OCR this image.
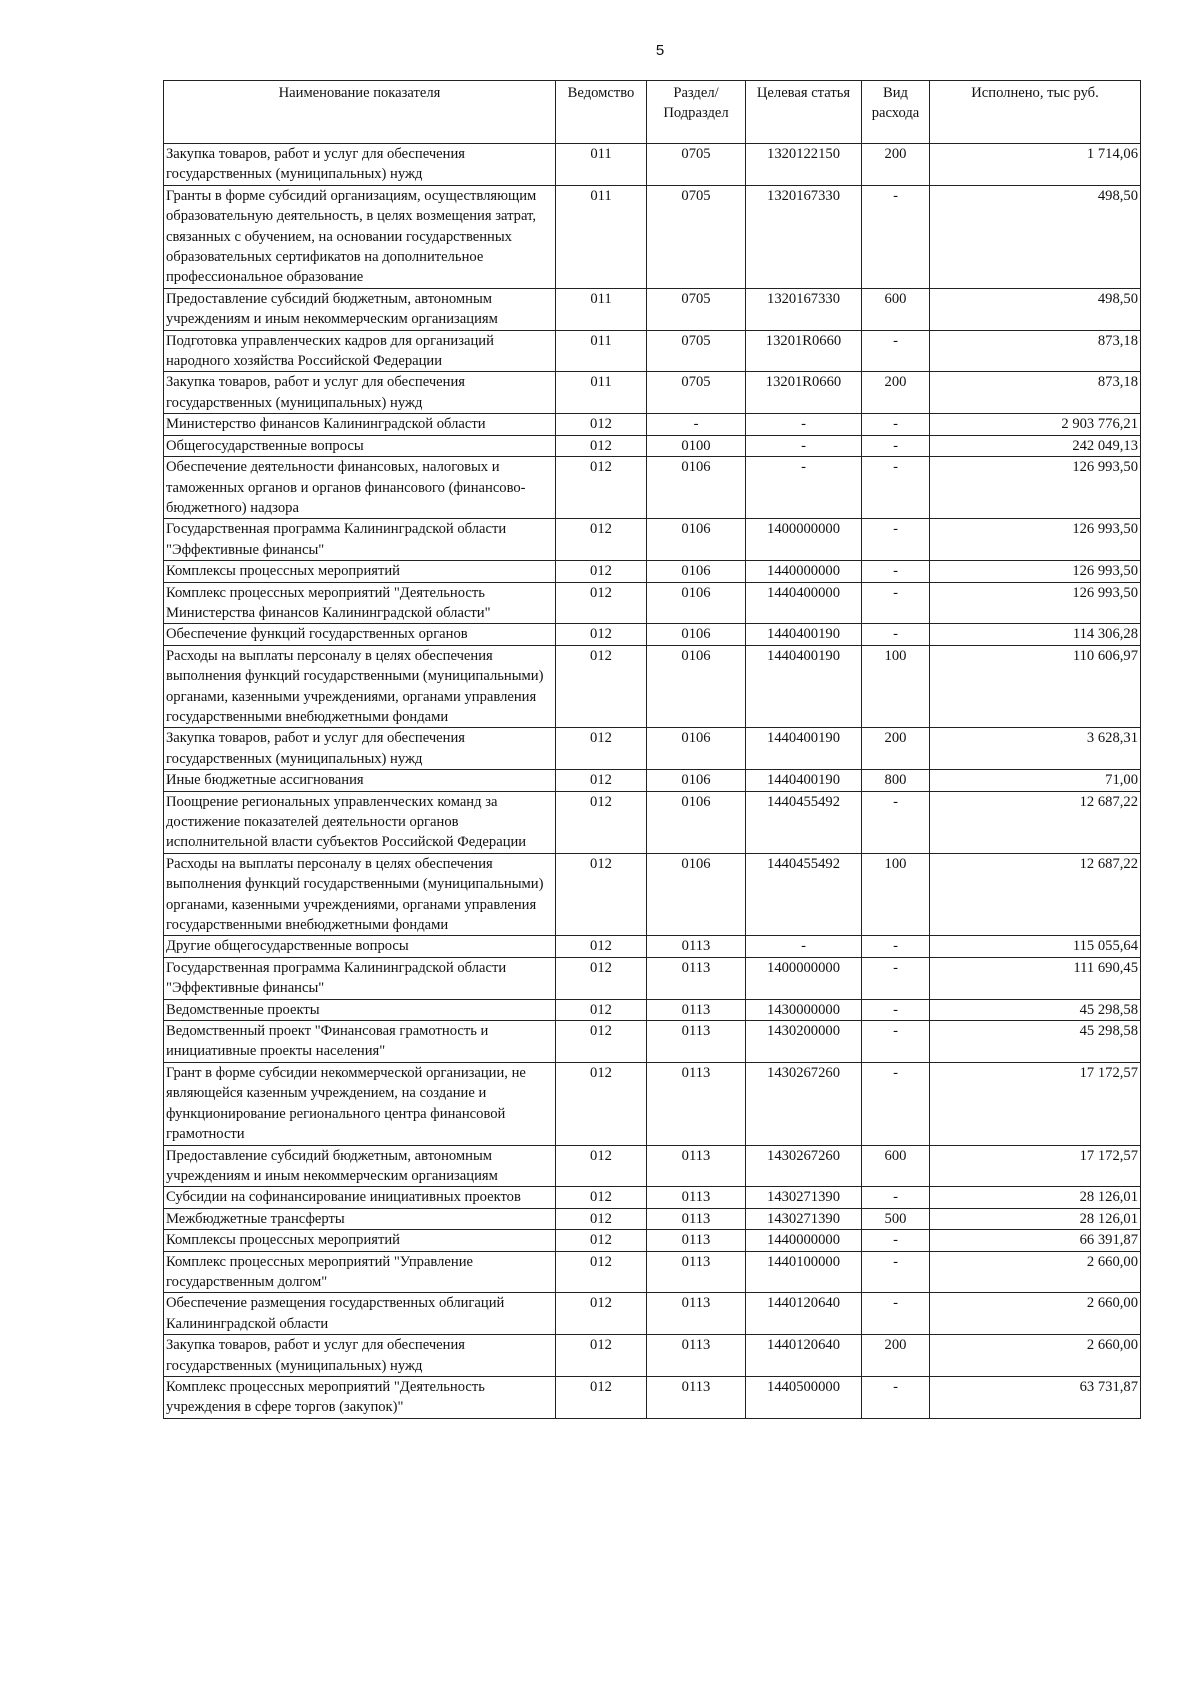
5
Наименование показателя	Ведомство	Раздел/ Подраздел	Целевая статья	Вид расхода	Исполнено, тыс руб.
Закупка товаров, работ и услуг для обеспечения государственных (муниципальных) нужд	011	0705	1320122150	200	1 714,06
Гранты в форме субсидий организациям, осуществляющим образовательную деятельность, в целях возмещения затрат, связанных с обучением, на основании государственных образовательных сертификатов на дополнительное профессиональное образование	011	0705	1320167330	-	498,50
Предоставление субсидий бюджетным, автономным учреждениям и иным некоммерческим организациям	011	0705	1320167330	600	498,50
Подготовка управленческих кадров для организаций народного хозяйства Российской Федерации	011	0705	13201R0660	-	873,18
Закупка товаров, работ и услуг для обеспечения государственных (муниципальных) нужд	011	0705	13201R0660	200	873,18
Министерство финансов Калининградской области	012	-	-	-	2 903 776,21
Общегосударственные вопросы	012	0100	-	-	242 049,13
Обеспечение деятельности финансовых, налоговых и таможенных органов и органов финансового (финансово-бюджетного) надзора	012	0106	-	-	126 993,50
Государственная программа Калининградской области "Эффективные финансы"	012	0106	1400000000	-	126 993,50
Комплексы процессных мероприятий	012	0106	1440000000	-	126 993,50
Комплекс процессных мероприятий "Деятельность Министерства финансов Калининградской области"	012	0106	1440400000	-	126 993,50
Обеспечение функций государственных органов	012	0106	1440400190	-	114 306,28
Расходы на выплаты персоналу в целях обеспечения выполнения функций государственными (муниципальными) органами, казенными учреждениями, органами управления государственными внебюджетными фондами	012	0106	1440400190	100	110 606,97
Закупка товаров, работ и услуг для обеспечения государственных (муниципальных) нужд	012	0106	1440400190	200	3 628,31
Иные бюджетные ассигнования	012	0106	1440400190	800	71,00
Поощрение региональных управленческих команд за достижение показателей деятельности органов исполнительной власти субъектов Российской Федерации	012	0106	1440455492	-	12 687,22
Расходы на выплаты персоналу в целях обеспечения выполнения функций государственными (муниципальными) органами, казенными учреждениями, органами управления государственными внебюджетными фондами	012	0106	1440455492	100	12 687,22
Другие общегосударственные вопросы	012	0113	-	-	115 055,64
Государственная программа Калининградской области "Эффективные финансы"	012	0113	1400000000	-	111 690,45
Ведомственные проекты	012	0113	1430000000	-	45 298,58
Ведомственный проект "Финансовая грамотность и инициативные проекты населения"	012	0113	1430200000	-	45 298,58
Грант в форме субсидии некоммерческой организации, не являющейся казенным учреждением, на создание и функционирование регионального центра финансовой грамотности	012	0113	1430267260	-	17 172,57
Предоставление субсидий бюджетным, автономным учреждениям и иным некоммерческим организациям	012	0113	1430267260	600	17 172,57
Субсидии на софинансирование инициативных проектов	012	0113	1430271390	-	28 126,01
Межбюджетные трансферты	012	0113	1430271390	500	28 126,01
Комплексы процессных мероприятий	012	0113	1440000000	-	66 391,87
Комплекс процессных мероприятий "Управление государственным долгом"	012	0113	1440100000	-	2 660,00
Обеспечение размещения государственных облигаций Калининградской области	012	0113	1440120640	-	2 660,00
Закупка товаров, работ и услуг для обеспечения государственных (муниципальных) нужд	012	0113	1440120640	200	2 660,00
Комплекс процессных мероприятий "Деятельность учреждения в сфере торгов (закупок)"	012	0113	1440500000	-	63 731,87
